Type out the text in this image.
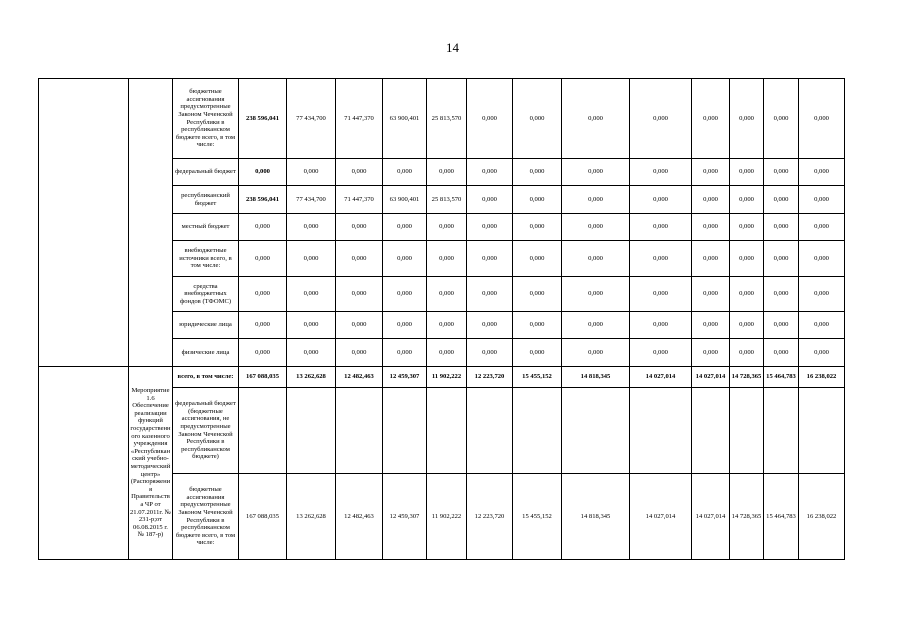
14
		бюджетные ассигнования предусмотренные Законом Чеченской Республики в республиканском бюджете всего, в том числе:	238 596,041	77 434,700	71 447,370	63 900,401	25 813,570	0,000	0,000	0,000	0,000	0,000	0,000	0,000	0,000
		федеральный бюджет	0,000	0,000	0,000	0,000	0,000	0,000	0,000	0,000	0,000	0,000	0,000	0,000	0,000
		республиканский бюджет	238 596,041	77 434,700	71 447,370	63 900,401	25 813,570	0,000	0,000	0,000	0,000	0,000	0,000	0,000	0,000
		местный бюджет	0,000	0,000	0,000	0,000	0,000	0,000	0,000	0,000	0,000	0,000	0,000	0,000	0,000
		внебюджетные источники всего, в том числе:	0,000	0,000	0,000	0,000	0,000	0,000	0,000	0,000	0,000	0,000	0,000	0,000	0,000
		средства внебюджетных фондов (ТФОМС)	0,000	0,000	0,000	0,000	0,000	0,000	0,000	0,000	0,000	0,000	0,000	0,000	0,000
		юридические лица	0,000	0,000	0,000	0,000	0,000	0,000	0,000	0,000	0,000	0,000	0,000	0,000	0,000
		физические лица	0,000	0,000	0,000	0,000	0,000	0,000	0,000	0,000	0,000	0,000	0,000	0,000	0,000
	Мероприятие 1.6 Обеспечение реализации функций государственного казенного учреждения «Республиканский учебно-методический центр» (Распоряжения Правительства ЧР от 21.07.2011г. № 231-р;от 06.08.2015 г. № 187-р)	всего, в том числе:	167 088,035	13 262,628	12 482,463	12 459,307	11 902,222	12 223,720	15 455,152	14 818,345	14 027,014	14 027,014	14 728,365	15 464,783	16 238,022
		федеральный бюджет (бюджетные ассигнования, не предусмотренные Законом Чеченской Республики в республиканском бюджете)													
		бюджетные ассигнования предусмотренные Законом Чеченской Республики в республиканском бюджете всего, в том числе:	167 088,035	13 262,628	12 482,463	12 459,307	11 902,222	12 223,720	15 455,152	14 818,345	14 027,014	14 027,014	14 728,365	15 464,783	16 238,022
